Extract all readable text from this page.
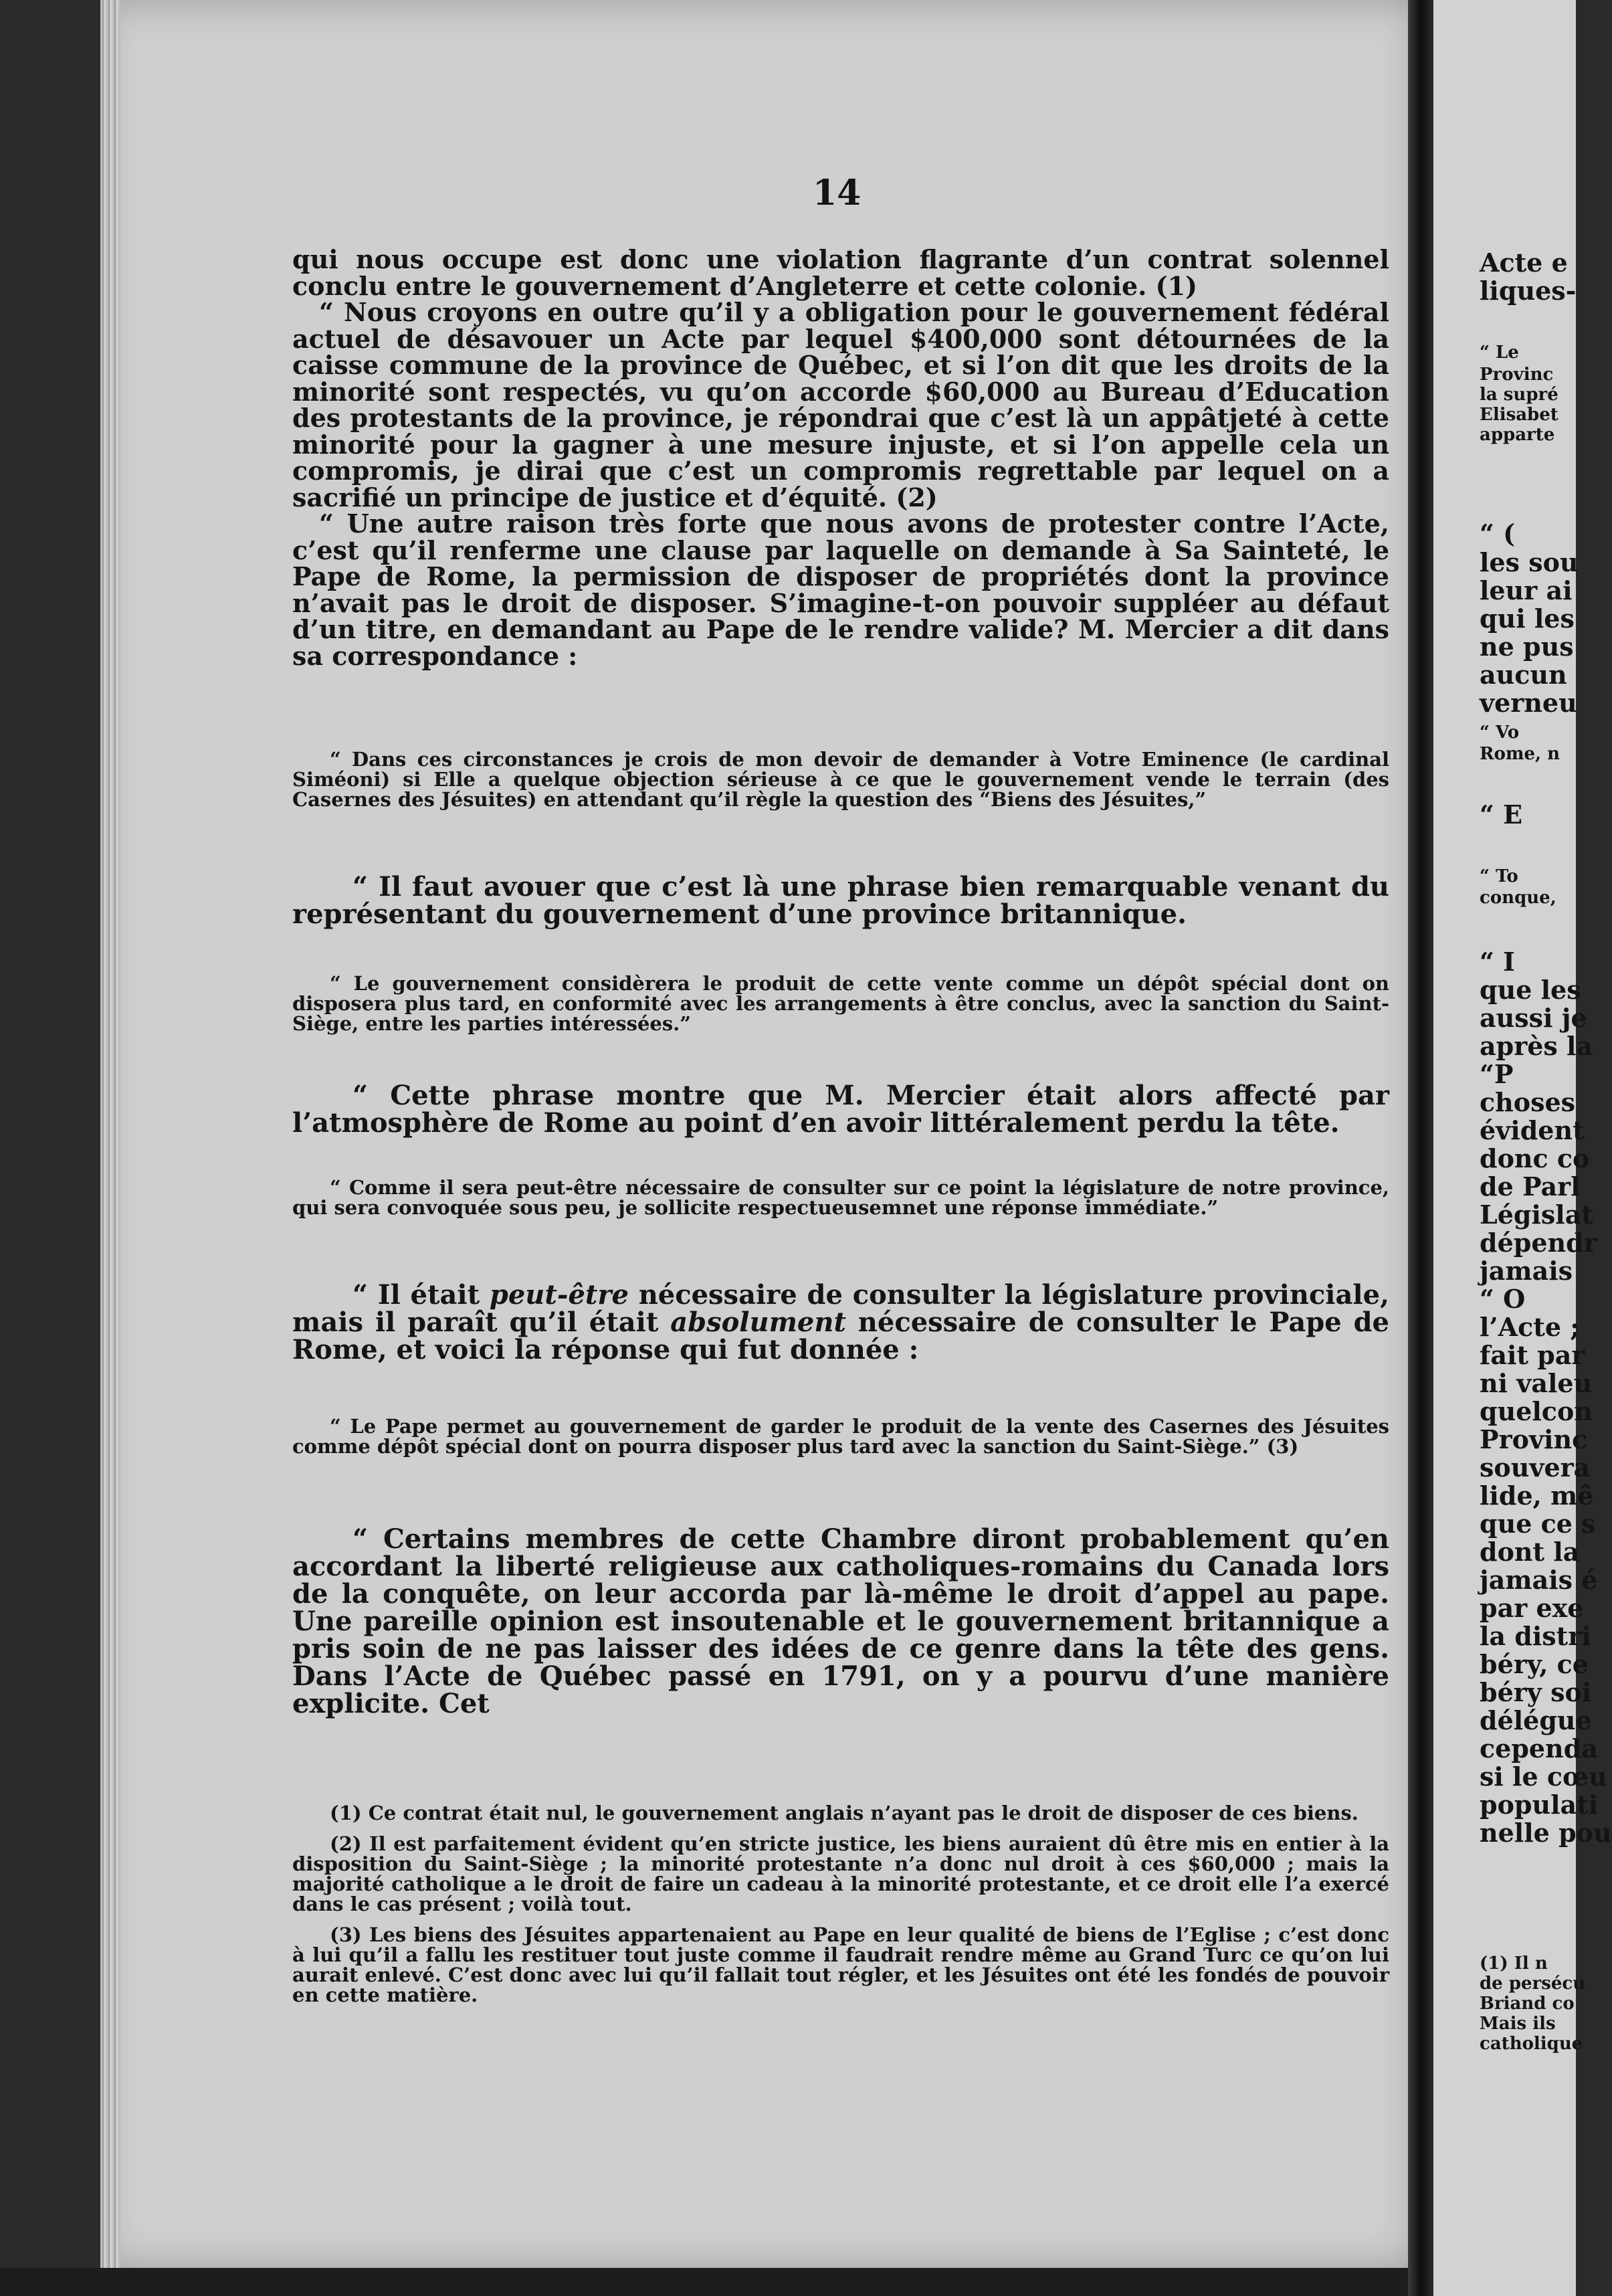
14

qui nous occupe est donc une violation flagrante d’un contrat solennel conclu entre le gouvernement d’Angleterre et cette colonie. (1)

“ Nous croyons en outre qu’il y a obligation pour le gouvernement fédéral actuel de désavouer un Acte par lequel $400,000 sont détournées de la caisse commune de la province de Québec, et si l’on dit que les droits de la minorité sont respectés, vu qu’on accorde $60,000 au Bureau d’Education des protestants de la province, je répondrai que c’est là un appâtjeté à cette minorité pour la gagner à une mesure injuste, et si l’on appelle cela un compromis, je dirai que c’est un compromis regrettable par lequel on a sacrifié un principe de justice et d’équité. (2)

“ Une autre raison très forte que nous avons de protester contre l’Acte, c’est qu’il renferme une clause par laquelle on demande à Sa Sainteté, le Pape de Rome, la permission de disposer de propriétés dont la province n’avait pas le droit de disposer. S’imagine-t-on pouvoir suppléer au défaut d’un titre, en demandant au Pape de le rendre valide? M. Mercier a dit dans sa correspondance :

“ Dans ces circonstances je crois de mon devoir de demander à Votre Eminence (le cardinal Siméoni) si Elle a quelque objection sérieuse à ce que le gouvernement vende le terrain (des Casernes des Jésuites) en attendant qu’il règle la question des “Biens des Jésuites,”

“ Il faut avouer que c’est là une phrase bien remarquable venant du représentant du gouvernement d’une province britannique.

“ Le gouvernement considèrera le produit de cette vente comme un dépôt spécial dont on disposera plus tard, en conformité avec les arrangements à être conclus, avec la sanction du Saint-Siège, entre les parties intéressées.”

“ Cette phrase montre que M. Mercier était alors affecté par l’atmosphère de Rome au point d’en avoir littéralement perdu la tête.

“ Comme il sera peut-être nécessaire de consulter sur ce point la législature de notre province, qui sera convoquée sous peu, je sollicite respectueusemnet une réponse immédiate.”

“ Il était peut-être nécessaire de consulter la législature provinciale, mais il paraît qu’il était absolument nécessaire de consulter le Pape de Rome, et voici la réponse qui fut donnée :

“ Le Pape permet au gouvernement de garder le produit de la vente des Casernes des Jésuites comme dépôt spécial dont on pourra disposer plus tard avec la sanction du Saint-Siège.” (3)

“ Certains membres de cette Chambre diront probablement qu’en accordant la liberté religieuse aux catholiques-romains du Canada lors de la conquête, on leur accorda par là-même le droit d’appel au pape. Une pareille opinion est insoutenable et le gouvernement britannique a pris soin de ne pas laisser des idées de ce genre dans la tête des gens. Dans l’Acte de Québec passé en 1791, on y a pourvu d’une manière explicite. Cet

(1) Ce contrat était nul, le gouvernement anglais n’ayant pas le droit de disposer de ces biens.

(2) Il est parfaitement évident qu’en stricte justice, les biens auraient dû être mis en entier à la disposition du Saint-Siège ; la minorité protestante n’a donc nul droit à ces $60,000 ; mais la majorité catholique a le droit de faire un cadeau à la minorité protestante, et ce droit elle l’a exercé dans le cas présent ; voilà tout.

(3) Les biens des Jésuites appartenaient au Pape en leur qualité de biens de l’Eglise ; c’est donc à lui qu’il a fallu les restituer tout juste comme il faudrait rendre même au Grand Turc ce qu’on lui aurait enlevé. C’est donc avec lui qu’il fallait tout régler, et les Jésuites ont été les fondés de pouvoir en cette matière.

Acte e
liques-
“ Le
Provinc
la supré
Elisabet
apparte
“ (
les sou
leur ai
qui les
ne pus
aucun
verneu
“ Vo
Rome, n
“ E
“ To
conque,
“ I
que les
aussi je
après la
“P
choses
évident
donc co
de Parl
Législat
dépendr
jamais
“ O
l’Acte ;
fait par
ni valeu
quelcon
Provinc
souvera
lide, mê
que ce s
dont la
jamais é
par exe
la distri
béry, ce
béry soi
délégue
cependa
si le cœu
populati
nelle pou
(1) Il n
de persécu
Briand co
Mais ils
catholique
